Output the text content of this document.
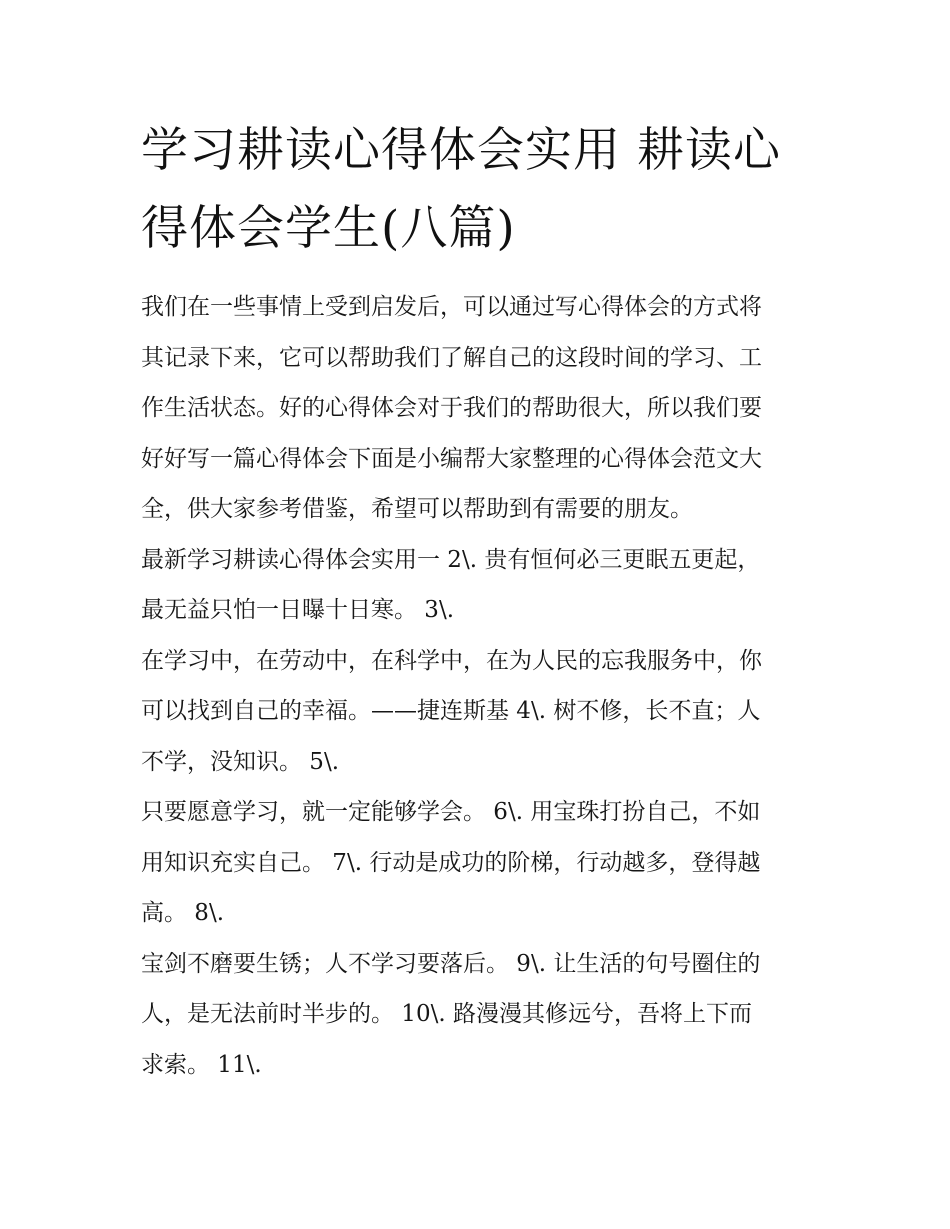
学习耕读心得体会实用 耕读心
得体会学生(八篇)

我们在一些事情上受到启发后，可以通过写心得体会的方式将
其记录下来，它可以帮助我们了解自己的这段时间的学习、工
作生活状态。好的心得体会对于我们的帮助很大，所以我们要
好好写一篇心得体会下面是小编帮大家整理的心得体会范文大
全，供大家参考借鉴，希望可以帮助到有需要的朋友。

最新学习耕读心得体会实用一 2\. 贵有恒何必三更眠五更起，
最无益只怕一日曝十日寒。 3\.

在学习中，在劳动中，在科学中，在为人民的忘我服务中，你
可以找到自己的幸福。——捷连斯基 4\. 树不修，长不直；人
不学，没知识。 5\.

只要愿意学习，就一定能够学会。 6\. 用宝珠打扮自己，不如
用知识充实自己。 7\. 行动是成功的阶梯，行动越多，登得越
高。 8\.

宝剑不磨要生锈；人不学习要落后。 9\. 让生活的句号圈住的
人，是无法前时半步的。 10\. 路漫漫其修远兮，吾将上下而
求索。 11\.
